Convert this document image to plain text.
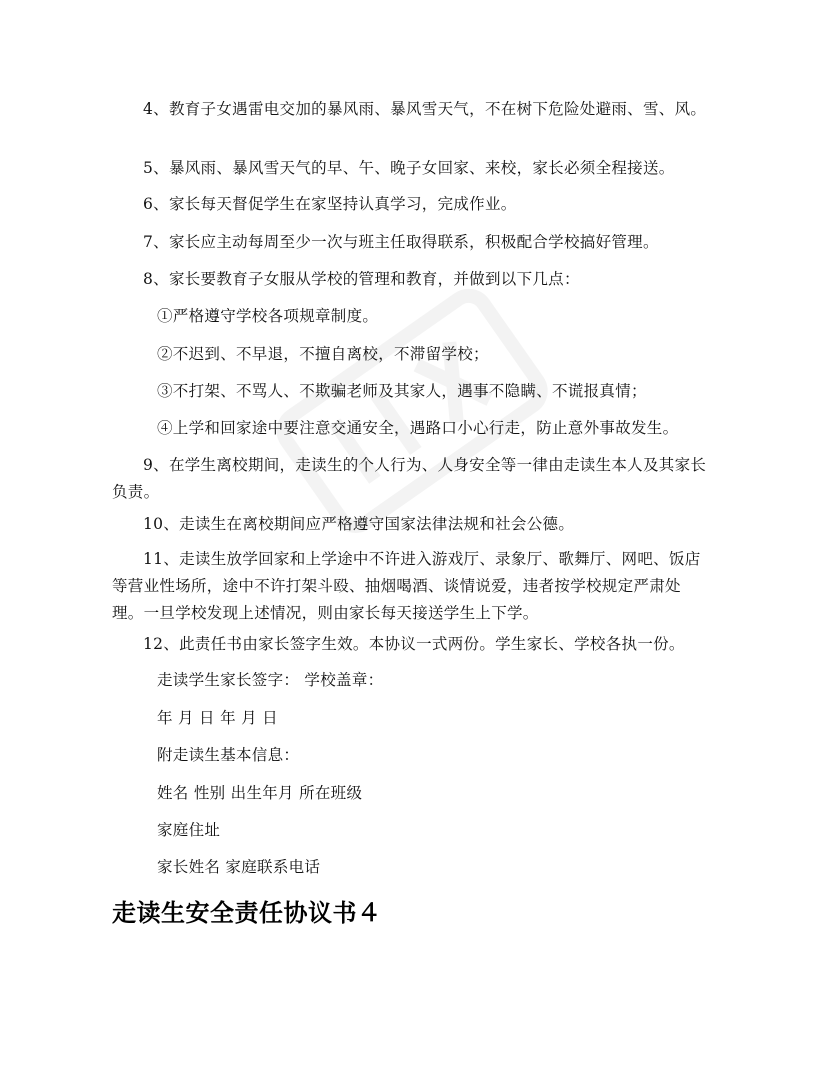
4、教育子女遇雷电交加的暴风雨、暴风雪天气，不在树下危险处避雨、雪、风。

5、暴风雨、暴风雪天气的早、午、晚子女回家、来校，家长必须全程接送。

6、家长每天督促学生在家坚持认真学习，完成作业。

7、家长应主动每周至少一次与班主任取得联系，积极配合学校搞好管理。

8、家长要教育子女服从学校的管理和教育，并做到以下几点：

①严格遵守学校各项规章制度。

②不迟到、不早退，不擅自离校，不滞留学校；

③不打架、不骂人、不欺骗老师及其家人，遇事不隐瞒、不谎报真情；

④上学和回家途中要注意交通安全，遇路口小心行走，防止意外事故发生。

9、在学生离校期间，走读生的个人行为、人身安全等一律由走读生本人及其家长负责。

10、走读生在离校期间应严格遵守国家法律法规和社会公德。

11、走读生放学回家和上学途中不许进入游戏厅、录象厅、歌舞厅、网吧、饭店等营业性场所，途中不许打架斗殴、抽烟喝酒、谈情说爱，违者按学校规定严肃处理。一旦学校发现上述情况，则由家长每天接送学生上下学。

12、此责任书由家长签字生效。本协议一式两份。学生家长、学校各执一份。

走读学生家长签字： 学校盖章：

年 月 日 年 月 日

附走读生基本信息：

姓名 性别 出生年月 所在班级

家庭住址

家长姓名 家庭联系电话

走读生安全责任协议书４
